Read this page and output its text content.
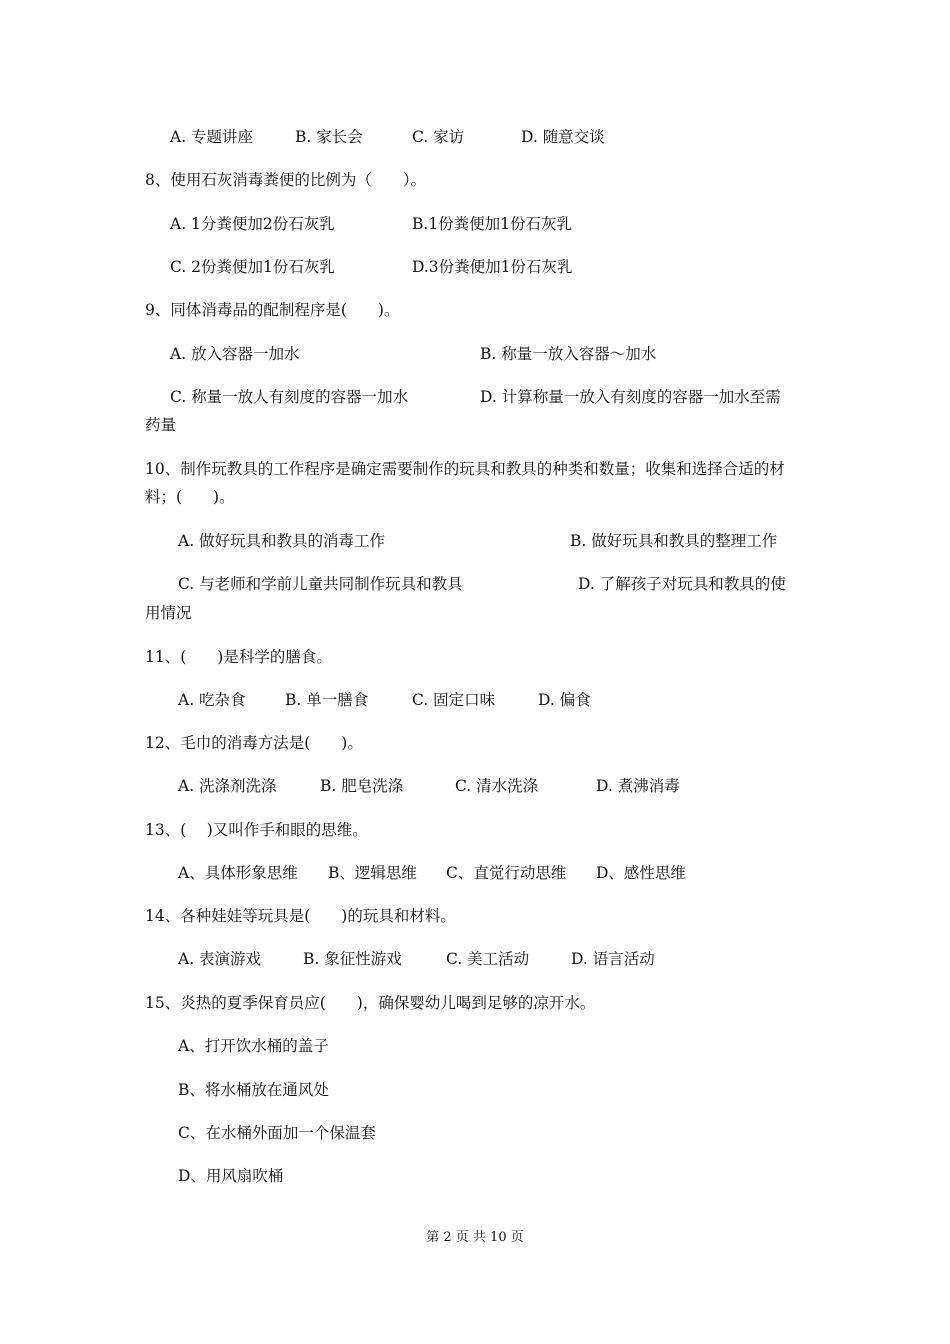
A. 专题讲座	B. 家长会	C. 家访	D. 随意交谈
8、使用石灰消毒粪便的比例为（　　）。
A. 1分粪便加2份石灰乳	B.1份粪便加1份石灰乳
C. 2份粪便加1份石灰乳	D.3份粪便加1份石灰乳
9、同体消毒品的配制程序是(　　)。
A. 放入容器一加水	B. 称量一放入容器～加水
C. 称量一放人有刻度的容器一加水	D. 计算称量一放入有刻度的容器一加水至需
药量
10、制作玩教具的工作程序是确定需要制作的玩具和教具的种类和数量；收集和选择合适的材料；(　　)。
A. 做好玩具和教具的消毒工作	B. 做好玩具和教具的整理工作
C. 与老师和学前儿童共同制作玩具和教具	D. 了解孩子对玩具和教具的使
用情况
11、(　　)是科学的膳食。
A. 吃杂食	B. 单一膳食	C. 固定口味	D. 偏食
12、毛巾的消毒方法是(　　)。
A. 洗涤剂洗涤	B. 肥皂洗涤	C. 清水洗涤	D. 煮沸消毒
13、(　 )又叫作手和眼的思维。
A、具体形象思维 B、逻辑思维 C、直觉行动思维 D、感性思维
14、各种娃娃等玩具是(　　)的玩具和材料。
A. 表演游戏	B. 象征性游戏	C. 美工活动	D. 语言活动
15、炎热的夏季保育员应(　　)，确保婴幼儿喝到足够的凉开水。
A、打开饮水桶的盖子
B、将水桶放在通风处
C、在水桶外面加一个保温套
D、用风扇吹桶
第 2 页 共 10 页
